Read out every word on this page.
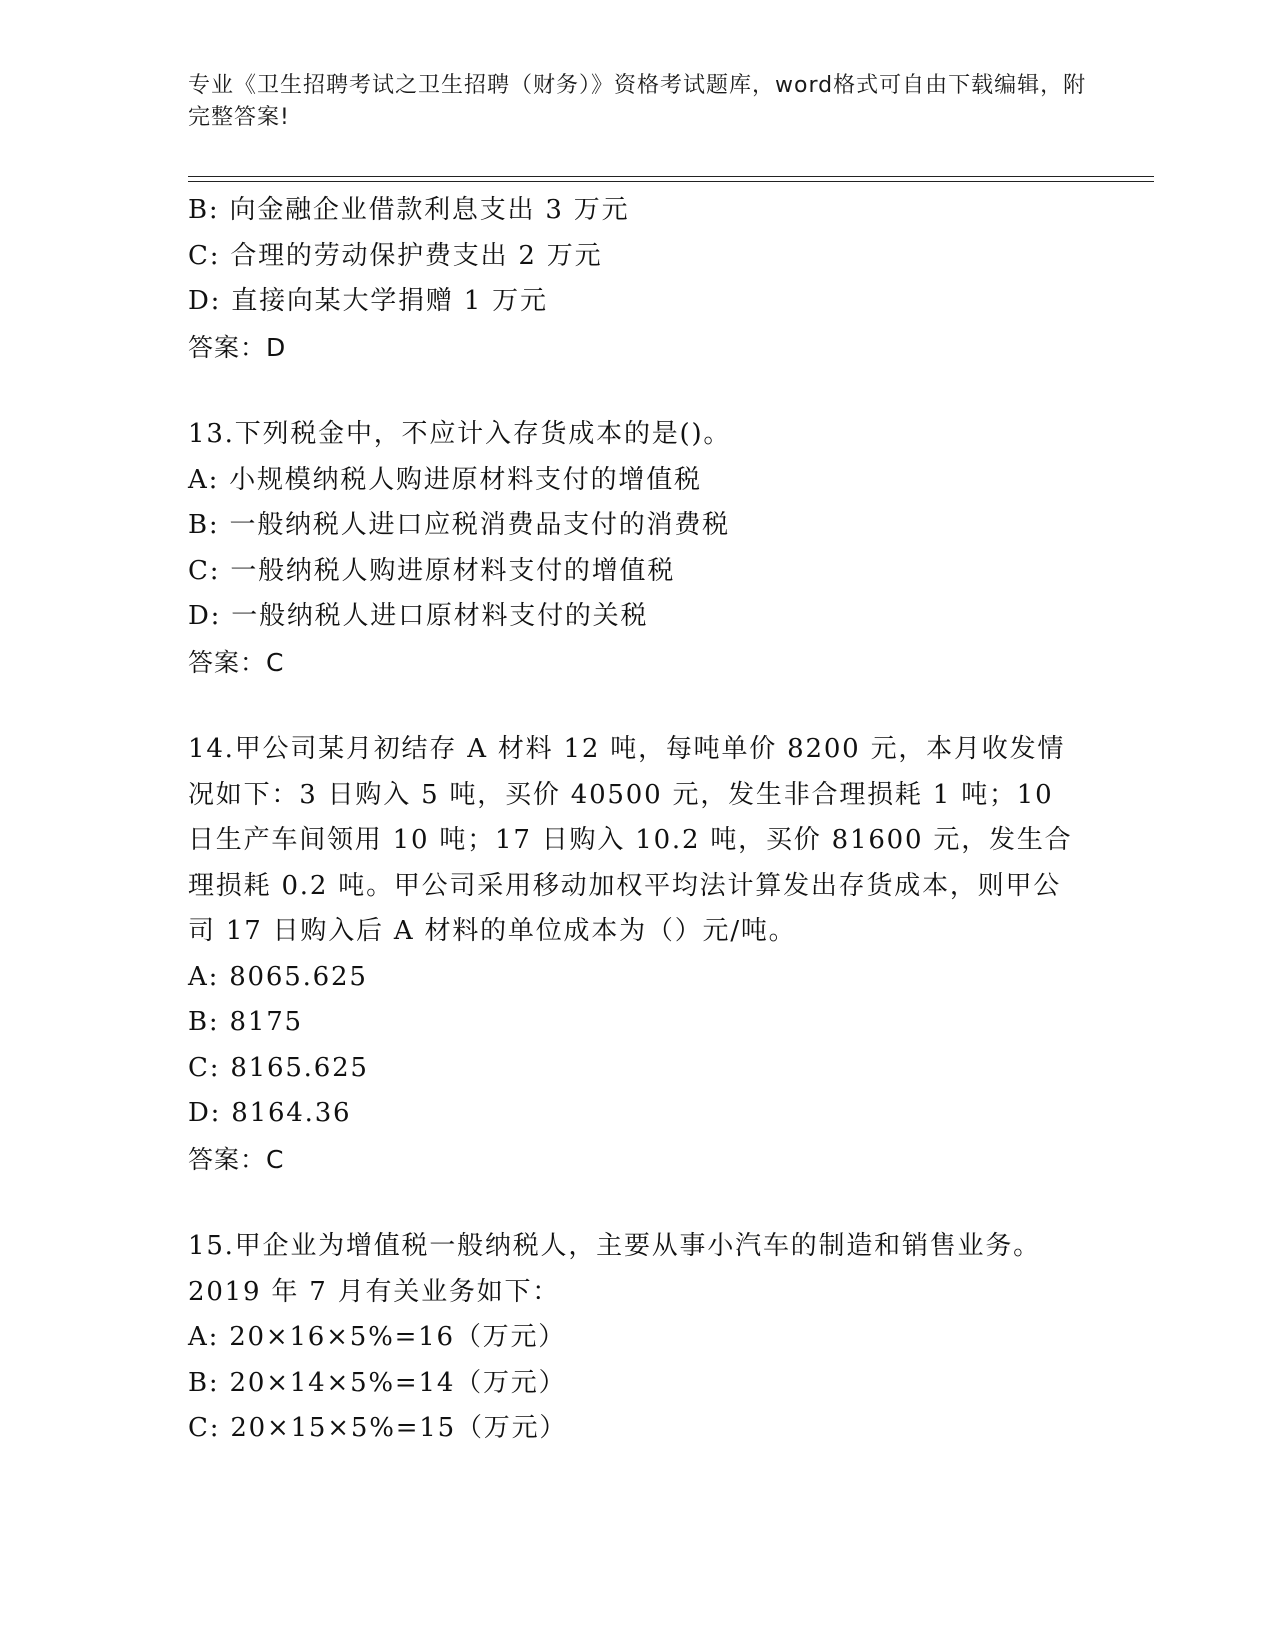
专业《卫生招聘考试之卫生招聘（财务）》资格考试题库，word格式可自由下载编辑，附完整答案!
B: 向金融企业借款利息支出 3 万元
C: 合理的劳动保护费支出 2 万元
D: 直接向某大学捐赠 1 万元
答案：D
13.下列税金中，不应计入存货成本的是()。
A: 小规模纳税人购进原材料支付的增值税
B: 一般纳税人进口应税消费品支付的消费税
C: 一般纳税人购进原材料支付的增值税
D: 一般纳税人进口原材料支付的关税
答案：C
14.甲公司某月初结存 A 材料 12 吨，每吨单价 8200 元，本月收发情况如下：3 日购入 5 吨，买价 40500 元，发生非合理损耗 1 吨；10 日生产车间领用 10 吨；17 日购入 10.2 吨，买价 81600 元，发生合理损耗 0.2 吨。甲公司采用移动加权平均法计算发出存货成本，则甲公司 17 日购入后 A 材料的单位成本为（）元/吨。
A: 8065.625
B: 8175
C: 8165.625
D: 8164.36
答案：C
15.甲企业为增值税一般纳税人，主要从事小汽车的制造和销售业务。2019 年 7 月有关业务如下：
A: 20×16×5%=16（万元）
B: 20×14×5%=14（万元）
C: 20×15×5%=15（万元）
